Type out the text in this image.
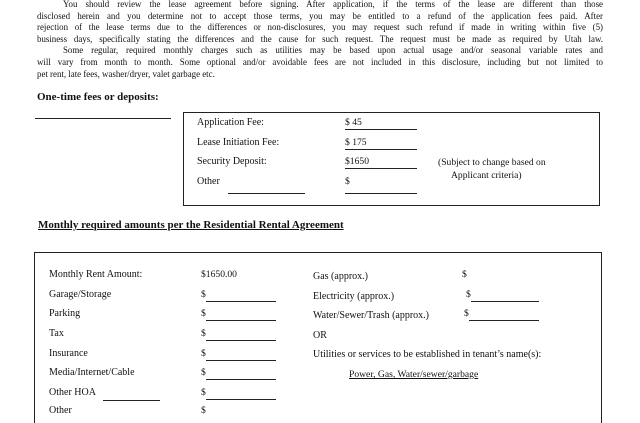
You should review the lease agreement before signing. After application, if the terms of the lease are different than those
disclosed herein and you determine not to accept those terms, you may be entitled to a refund of the application fees paid. After
rejection of the lease terms due to the differences or non-disclosures, you may request such refund if made in writing within five (5)
business days, specifically stating the differences and the cause for such request. The request must be made as required by Utah law.
Some regular, required monthly charges such as utilities may be based upon actual usage and/or seasonal variable rates and
will vary from month to month. Some optional and/or avoidable fees are not included in this disclosure, including but not limited to
pet rent, late fees, washer/dryer, valet garbage etc.
One-time fees or deposits:
Application Fee:	$ 45
Lease Initiation Fee:	$ 175
Security Deposit:	$1650
Other	$
(Subject to change based on
Applicant criteria)
Monthly required amounts per the Residential Rental Agreement
Monthly Rent Amount:	$1650.00
Garage/Storage	$
Parking	$
Tax	$
Insurance	$
Media/Internet/Cable	$
Other HOA	$
Other	$
Gas (approx.)	$
Electricity (approx.)	$
Water/Sewer/Trash (approx.)	$
OR
Utilities or services to be established in tenant’s name(s):
Power, Gas, Water/sewer/garbage
